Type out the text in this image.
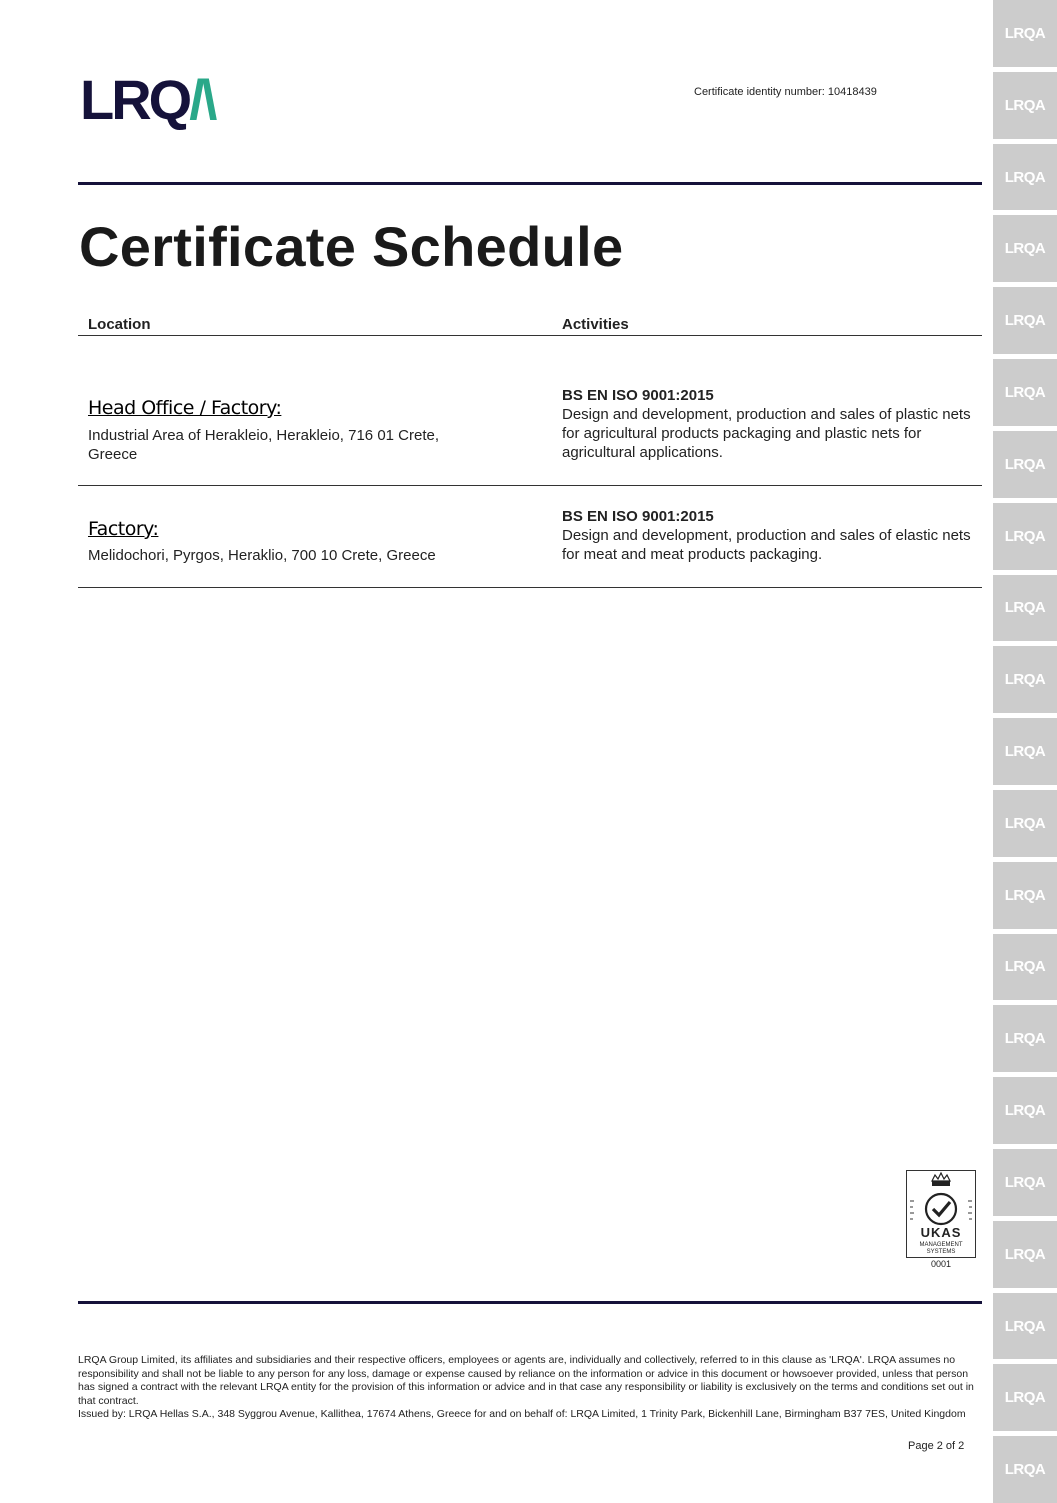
LRQA
LRQA
LRQA
LRQA
LRQA
LRQA
LRQA
LRQA
LRQA
LRQA
LRQA
LRQA
LRQA
LRQA
LRQA
LRQA
LRQA
LRQA
LRQA
LRQA
LRQA
LRQ/\	Certificate identity number: 10418439
Certificate Schedule
Location	Activities
Head Office / Factory:
Industrial Area of Herakleio, Herakleio, 716 01 Crete, Greece
BS EN ISO 9001:2015
Design and development, production and sales of plastic nets for agricultural products packaging and plastic nets for agricultural applications.
Factory:
Melidochori, Pyrgos, Heraklio, 700 10 Crete, Greece
BS EN ISO 9001:2015
Design and development, production and sales of elastic nets for meat and meat products packaging.
UKAS
MANAGEMENT
SYSTEMS
0001
LRQA Group Limited, its affiliates and subsidiaries and their respective officers, employees or agents are, individually and collectively, referred to in this clause as 'LRQA'. LRQA assumes no responsibility and shall not be liable to any person for any loss, damage or expense caused by reliance on the information or advice in this document or howsoever provided, unless that person has signed a contract with the relevant LRQA entity for the provision of this information or advice and in that case any responsibility or liability is exclusively on the terms and conditions set out in that contract.
Issued by: LRQA Hellas S.A., 348 Syggrou Avenue, Kallithea, 17674 Athens, Greece for and on behalf of: LRQA Limited, 1 Trinity Park, Bickenhill Lane, Birmingham B37 7ES, United Kingdom
Page 2 of 2
